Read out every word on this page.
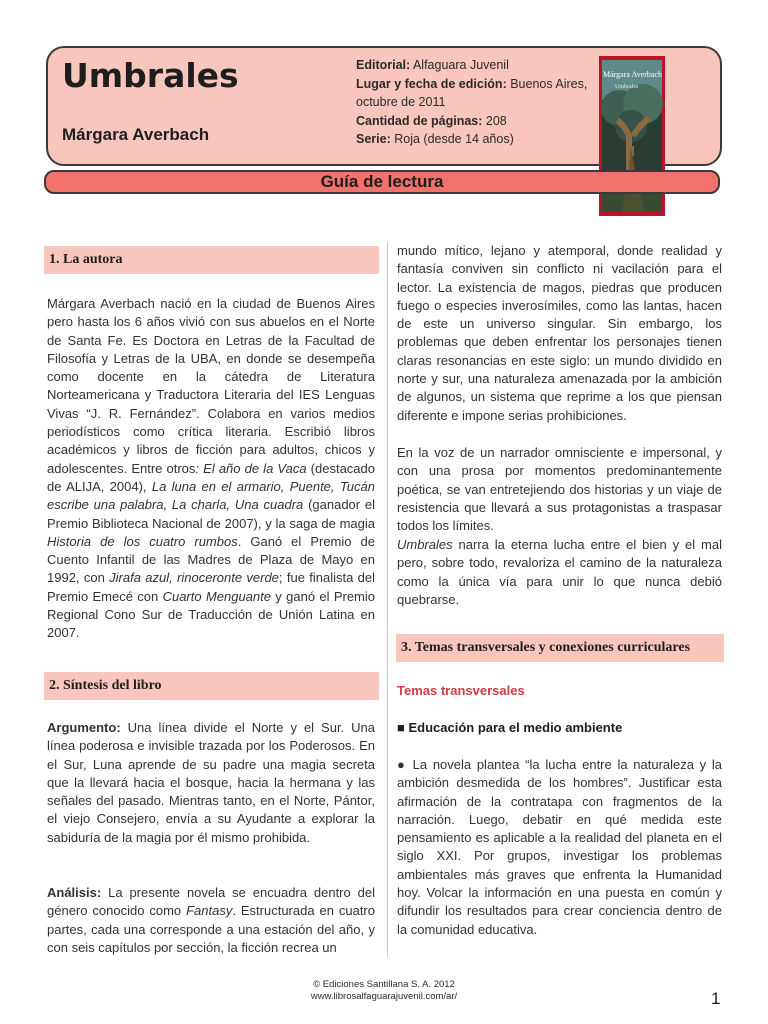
Umbrales
Márgara Averbach
Editorial: Alfaguara Juvenil
Lugar y fecha de edición: Buenos Aires, octubre de 2011
Cantidad de páginas: 208
Serie: Roja (desde 14 años)
Márgara Averbach
Umbrales
Guía de lectura
1. La autora

Márgara Averbach nació en la ciudad de Buenos Aires pero hasta los 6 años vivió con sus abuelos en el Norte de Santa Fe. Es Doctora en Letras de la Facultad de Filosofía y Letras de la UBA, en donde se desempeña como docente en la cátedra de Literatura Norteamericana y Traductora Literaria del IES Lenguas Vivas “J. R. Fernández”. Colabora en varios medios periodísticos como crítica literaria. Escribió libros académicos y libros de ficción para adultos, chicos y adolescentes. Entre otros: El año de la Vaca (destacado de ALIJA, 2004), La luna en el armario, Puente, Tucán escribe una palabra, La charla, Una cuadra (ganador el Premio Biblioteca Nacional de 2007), y la saga de magia Historia de los cuatro rumbos. Ganó el Premio de Cuento Infantil de las Madres de Plaza de Mayo en 1992, con Jirafa azul, rinoceronte verde; fue finalista del Premio Emecé con Cuarto Menguante y ganó el Premio Regional Cono Sur de Traducción de Unión Latina en 2007.

2. Síntesis del libro

Argumento: Una línea divide el Norte y el Sur. Una línea poderosa e invisible trazada por los Poderosos. En el Sur, Luna aprende de su padre una magia secreta que la llevará hacia el bosque, hacia la hermana y las señales del pasado. Mientras tanto, en el Norte, Pántor, el viejo Consejero, envía a su Ayudante a explorar la sabiduría de la magia por él mismo prohibida.

Análisis: La presente novela se encuadra dentro del género conocido como Fantasy. Estructurada en cuatro partes, cada una corresponde a una estación del año, y con seis capítulos por sección, la ficción recrea un

mundo mítico, lejano y atemporal, donde realidad y fantasía conviven sin conflicto ni vacilación para el lector. La existencia de magos, piedras que producen fuego o especies inverosímiles, como las lantas, hacen de este un universo singular. Sin embargo, los problemas que deben enfrentar los personajes tienen claras resonancias en este siglo: un mundo dividido en norte y sur, una naturaleza amenazada por la ambición de algunos, un sistema que reprime a los que piensan diferente e impone serias prohibiciones.

En la voz de un narrador omnisciente e impersonal, y con una prosa por momentos predominantemente poética, se van entretejiendo dos historias y un viaje de resistencia que llevará a sus protagonistas a traspasar todos los límites.

Umbrales narra la eterna lucha entre el bien y el mal pero, sobre todo, revaloriza el camino de la naturaleza como la única vía para unir lo que nunca debió quebrarse.

3. Temas transversales y conexiones curriculares
Temas transversales
■ Educación para el medio ambiente

● La novela plantea “la lucha entre la naturaleza y la ambición desmedida de los hombres”. Justificar esta afirmación de la contratapa con fragmentos de la narración. Luego, debatir en qué medida este pensamiento es aplicable a la realidad del planeta en el siglo XXI. Por grupos, investigar los problemas ambientales más graves que enfrenta la Humanidad hoy. Volcar la información en una puesta en común y difundir los resultados para crear conciencia dentro de la comunidad educativa.

© Ediciones Santillana S. A. 2012
www.librosalfaguarajuvenil.com/ar/	1
